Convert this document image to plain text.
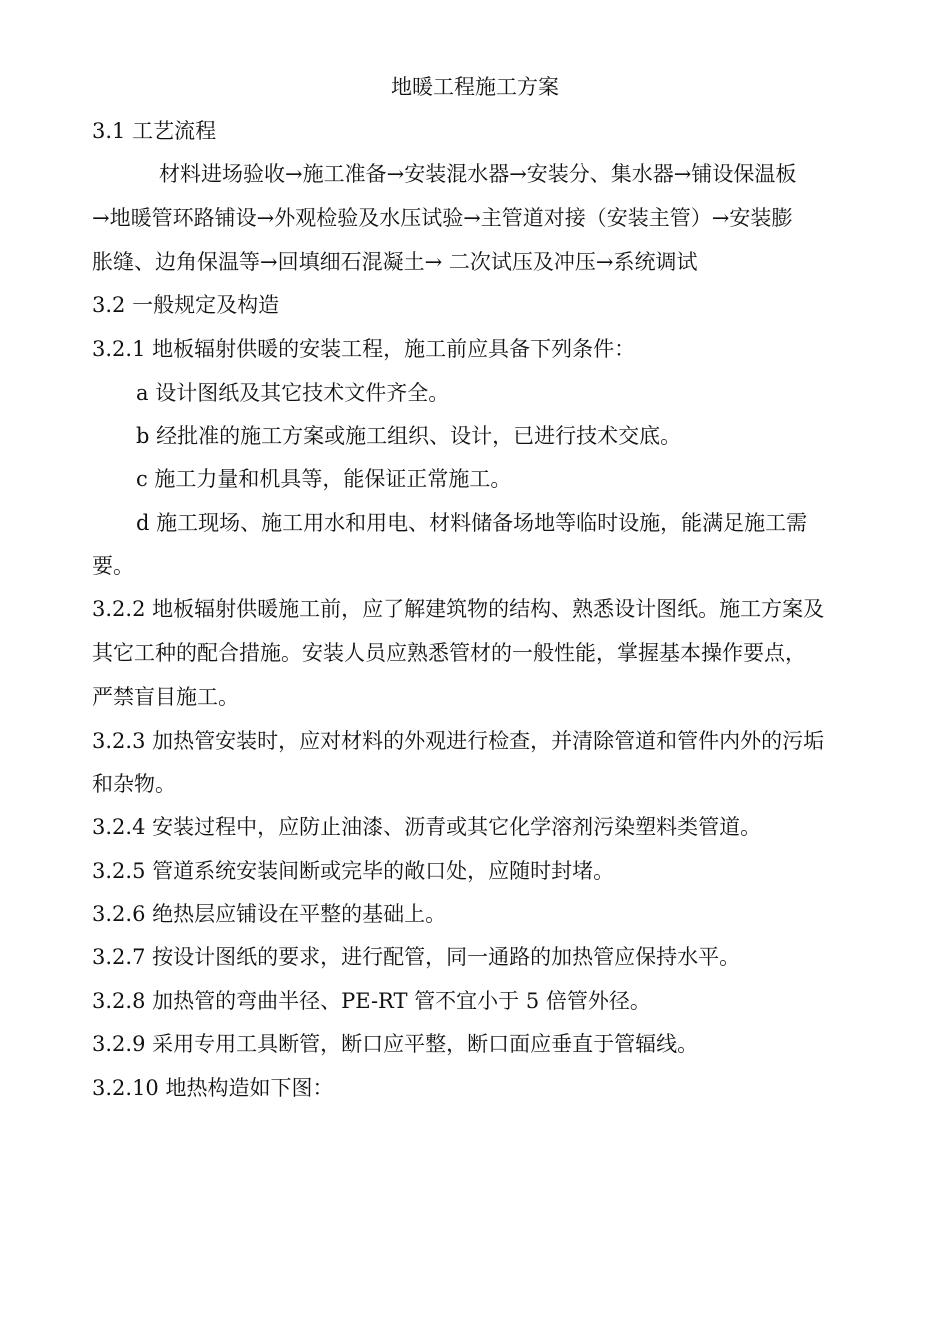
地暖工程施工方案

3.1 工艺流程

材料进场验收→施工准备→安装混水器→安装分、集水器→铺设保温板

→地暖管环路铺设→外观检验及水压试验→主管道对接（安装主管）→安装膨

胀缝、边角保温等→回填细石混凝土→ 二次试压及冲压→系统调试

3.2 一般规定及构造

3.2.1 地板辐射供暖的安装工程，施工前应具备下列条件：

a 设计图纸及其它技术文件齐全。

b 经批准的施工方案或施工组织、设计，已进行技术交底。

c 施工力量和机具等，能保证正常施工。

d 施工现场、施工用水和用电、材料储备场地等临时设施，能满足施工需

要。

3.2.2 地板辐射供暖施工前，应了解建筑物的结构、熟悉设计图纸。施工方案及

其它工种的配合措施。安装人员应熟悉管材的一般性能，掌握基本操作要点，

严禁盲目施工。

3.2.3 加热管安装时，应对材料的外观进行检查，并清除管道和管件内外的污垢

和杂物。

3.2.4 安装过程中，应防止油漆、沥青或其它化学溶剂污染塑料类管道。

3.2.5 管道系统安装间断或完毕的敞口处，应随时封堵。

3.2.6 绝热层应铺设在平整的基础上。

3.2.7 按设计图纸的要求，进行配管，同一通路的加热管应保持水平。

3.2.8 加热管的弯曲半径、PE-RT 管不宜小于 5 倍管外径。

3.2.9 采用专用工具断管，断口应平整，断口面应垂直于管辐线。

3.2.10 地热构造如下图：
